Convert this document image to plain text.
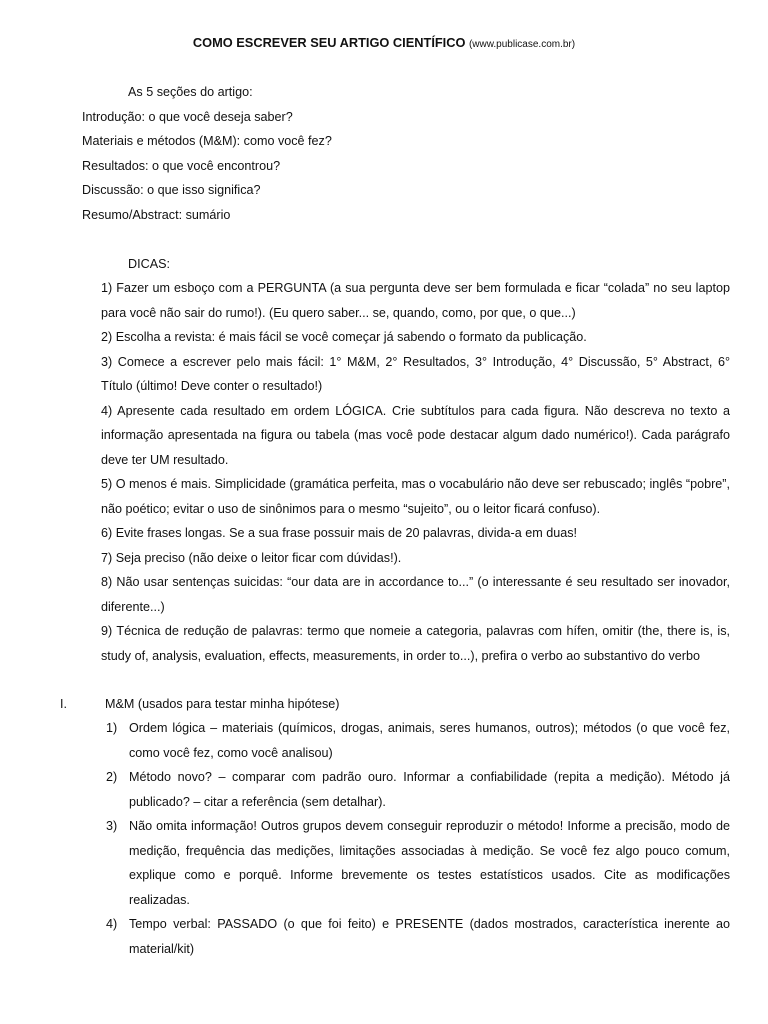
COMO ESCREVER SEU ARTIGO CIENTÍFICO (www.publicase.com.br)
As 5 seções do artigo:
Introdução: o que você deseja saber?
Materiais e métodos (M&M): como você fez?
Resultados: o que você encontrou?
Discussão: o que isso significa?
Resumo/Abstract: sumário
DICAS:
1) Fazer um esboço com a PERGUNTA (a sua pergunta deve ser bem formulada e ficar “colada” no seu laptop para você não sair do rumo!). (Eu quero saber... se, quando, como, por que, o que...)
2) Escolha a revista: é mais fácil se você começar já sabendo o formato da publicação.
3) Comece a escrever pelo mais fácil: 1° M&M, 2° Resultados, 3° Introdução, 4° Discussão, 5° Abstract, 6° Título (último! Deve conter o resultado!)
4) Apresente cada resultado em ordem LÓGICA. Crie subtítulos para cada figura. Não descreva no texto a informação apresentada na figura ou tabela (mas você pode destacar algum dado numérico!). Cada parágrafo deve ter UM resultado.
5) O menos é mais. Simplicidade (gramática perfeita, mas o vocabulário não deve ser rebuscado; inglês “pobre”, não poético; evitar o uso de sinônimos para o mesmo “sujeito”, ou o leitor ficará confuso).
6) Evite frases longas. Se a sua frase possuir mais de 20 palavras, divida-a em duas!
7) Seja preciso (não deixe o leitor ficar com dúvidas!).
8) Não usar sentenças suicidas: “our data are in accordance to...” (o interessante é seu resultado ser inovador, diferente...)
9) Técnica de redução de palavras: termo que nomeie a categoria, palavras com hífen, omitir (the, there is, is, study of, analysis, evaluation, effects, measurements, in order to...), prefira o verbo ao substantivo do verbo
I.	M&M (usados para testar minha hipótese)
1) Ordem lógica – materiais (químicos, drogas, animais, seres humanos, outros); métodos (o que você fez, como você fez, como você analisou)
2) Método novo? – comparar com padrão ouro. Informar a confiabilidade (repita a medição). Método já publicado? – citar a referência (sem detalhar).
3) Não omita informação! Outros grupos devem conseguir reproduzir o método! Informe a precisão, modo de medição, frequência das medições, limitações associadas à medição. Se você fez algo pouco comum, explique como e porquê. Informe brevemente os testes estatísticos usados. Cite as modificações realizadas.
4) Tempo verbal: PASSADO (o que foi feito) e PRESENTE (dados mostrados, característica inerente ao material/kit)
